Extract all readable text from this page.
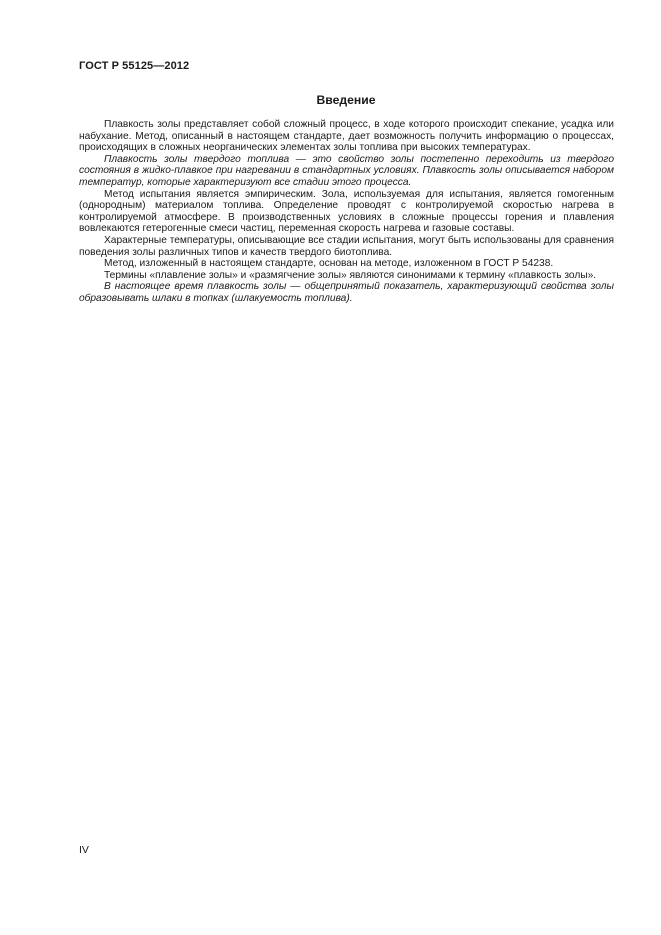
ГОСТ Р 55125—2012
Введение

Плавкость золы представляет собой сложный процесс, в ходе которого происходит спекание, усадка или набухание. Метод, описанный в настоящем стандарте, дает возможность получить информацию о процессах, происходящих в сложных неорганических элементах золы топлива при высоких температурах.

Плавкость золы твердого топлива — это свойство золы постепенно переходить из твердого состояния в жидко-плавкое при нагревании в стандартных условиях. Плавкость золы описывается набором температур, которые характеризуют все стадии этого процесса.

Метод испытания является эмпирическим. Зола, используемая для испытания, является гомогенным (однородным) материалом топлива. Определение проводят с контролируемой скоростью нагрева в контролируемой атмосфере. В производственных условиях в сложные процессы горения и плавления вовлекаются гетерогенные смеси частиц, переменная скорость нагрева и газовые составы.

Характерные температуры, описывающие все стадии испытания, могут быть использованы для сравнения поведения золы различных типов и качеств твердого биотоплива.

Метод, изложенный в настоящем стандарте, основан на методе, изложенном в ГОСТ Р 54238.

Термины «плавление золы» и «размягчение золы» являются синонимами к термину «плавкость золы».

В настоящее время плавкость золы — общепринятый показатель, характеризующий свойства золы образовывать шлаки в топках (шлакуемость топлива).

IV
